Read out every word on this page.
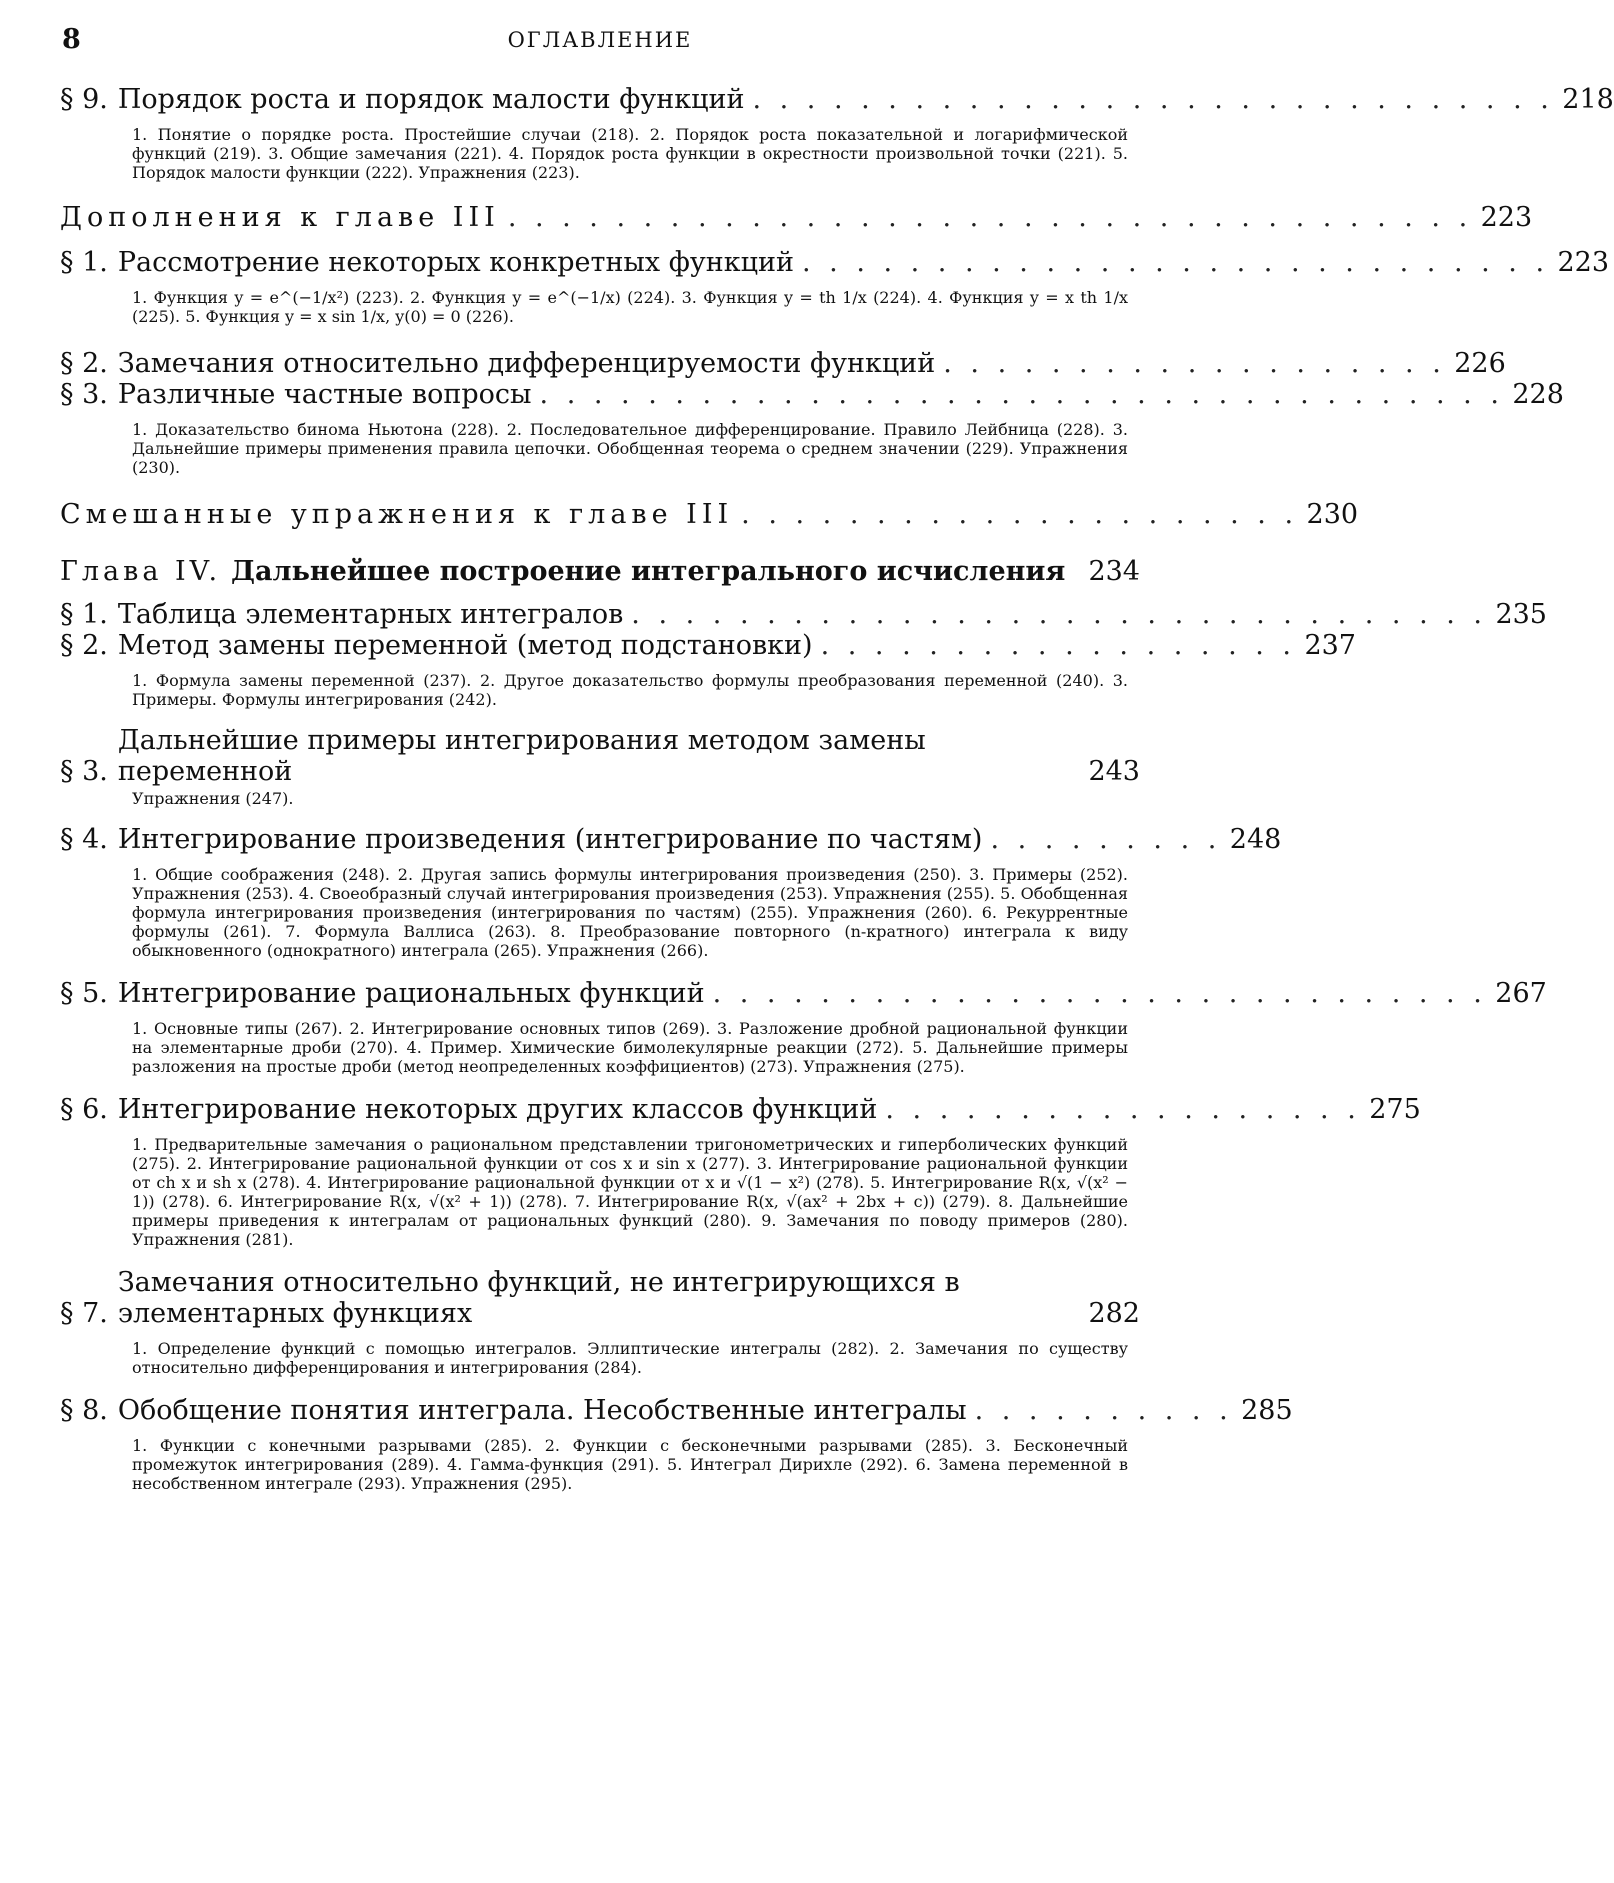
8	ОГЛАВЛЕНИЕ
§ 9. Порядок роста и порядок малости функций . . . . . . . . . . . . . . . . . . . . . . . . . . . . . . 218
1. Понятие о порядке роста. Простейшие случаи (218). 2. Порядок роста показательной и логарифмической функций (219). 3. Общие замечания (221). 4. Порядок роста функции в окрестности произвольной точки (221). 5. Порядок малости функции (222). Упражнения (223).
Дополнения к главе III . . . . . . . . . . . . . . . . . . . . . . . . . . . . . . . . . . . . 223
§ 1. Рассмотрение некоторых конкретных функций . . . . . . . . . . . . . . . . . . . . . . . . . . . . 223
1. Функция y = e^(−1/x²) (223). 2. Функция y = e^(−1/x) (224). 3. Функция y = th 1/x (224). 4. Функция y = x th 1/x (225). 5. Функция y = x sin 1/x, y(0) = 0 (226).
§ 2. Замечания относительно дифференцируемости функций . . . . . . . . . . . . . . . . . . . 226
§ 3. Различные частные вопросы . . . . . . . . . . . . . . . . . . . . . . . . . . . . . . . . . . . . 228
1. Доказательство бинома Ньютона (228). 2. Последовательное дифференцирование. Правило Лейбница (228). 3. Дальнейшие примеры применения правила цепочки. Обобщенная теорема о среднем значении (229). Упражнения (230).
Смешанные упражнения к главе III . . . . . . . . . . . . . . . . . . . . . 230
Глава IV. Дальнейшее построение интегрального исчисления 234
§ 1. Таблица элементарных интегралов . . . . . . . . . . . . . . . . . . . . . . . . . . . . . . . . 235
§ 2. Метод замены переменной (метод подстановки) . . . . . . . . . . . . . . . . . . 237
1. Формула замены переменной (237). 2. Другое доказательство формулы преобразования переменной (240). 3. Примеры. Формулы интегрирования (242).
§ 3.
Дальнейшие примеры интегрирования методом замены переменной	243
Упражнения (247).
§ 4. Интегрирование произведения (интегрирование по частям) . . . . . . . . . 248
1. Общие соображения (248). 2. Другая запись формулы интегрирования произведения (250). 3. Примеры (252). Упражнения (253). 4. Своеобразный случай интегрирования произведения (253). Упражнения (255). 5. Обобщенная формула интегрирования произведения (интегрирования по частям) (255). Упражнения (260). 6. Рекуррентные формулы (261). 7. Формула Валлиса (263). 8. Преобразование повторного (n-кратного) интеграла к виду обыкновенного (однократного) интеграла (265). Упражнения (266).
§ 5. Интегрирование рациональных функций . . . . . . . . . . . . . . . . . . . . . . . . . . . . . 267
1. Основные типы (267). 2. Интегрирование основных типов (269). 3. Разложение дробной рациональной функции на элементарные дроби (270). 4. Пример. Химические бимолекулярные реакции (272). 5. Дальнейшие примеры разложения на простые дроби (метод неопределенных коэффициентов) (273). Упражнения (275).
§ 6. Интегрирование некоторых других классов функций . . . . . . . . . . . . . . . . . . 275
1. Предварительные замечания о рациональном представлении тригонометрических и гиперболических функций (275). 2. Интегрирование рациональной функции от cos x и sin x (277). 3. Интегрирование рациональной функции от ch x и sh x (278). 4. Интегрирование рациональной функции от x и √(1 − x²) (278). 5. Интегрирование R(x, √(x² − 1)) (278). 6. Интегрирование R(x, √(x² + 1)) (278). 7. Интегрирование R(x, √(ax² + 2bx + c)) (279). 8. Дальнейшие примеры приведения к интегралам от рациональных функций (280). 9. Замечания по поводу примеров (280). Упражнения (281).
§ 7.
Замечания относительно функций, не интегрирующихся в элементарных функциях	282
1. Определение функций с помощью интегралов. Эллиптические интегралы (282). 2. Замечания по существу относительно дифференцирования и интегрирования (284).
§ 8. Обобщение понятия интеграла. Несобственные интегралы . . . . . . . . . . 285
1. Функции с конечными разрывами (285). 2. Функции с бесконечными разрывами (285). 3. Бесконечный промежуток интегрирования (289). 4. Гамма-функция (291). 5. Интеграл Дирихле (292). 6. Замена переменной в несобственном интеграле (293). Упражнения (295).
